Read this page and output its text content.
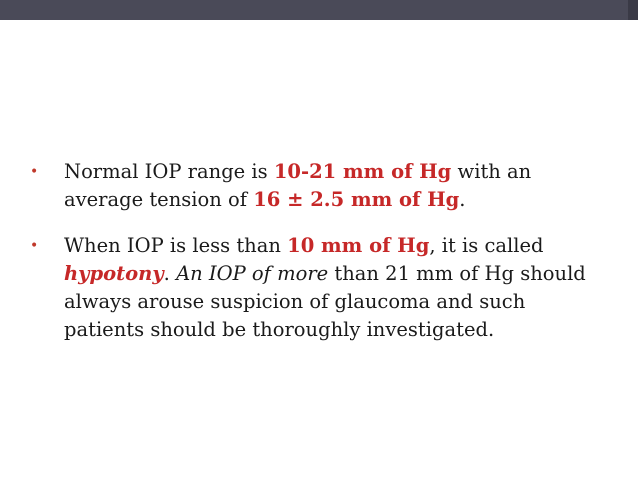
• Normal IOP range is 10-21 mm of Hg with an average tension of 16 ± 2.5 mm of Hg.
• When IOP is less than 10 mm of Hg, it is called hypotony. An IOP of more than 21 mm of Hg should always arouse suspicion of glaucoma and such patients should be thoroughly investigated.
